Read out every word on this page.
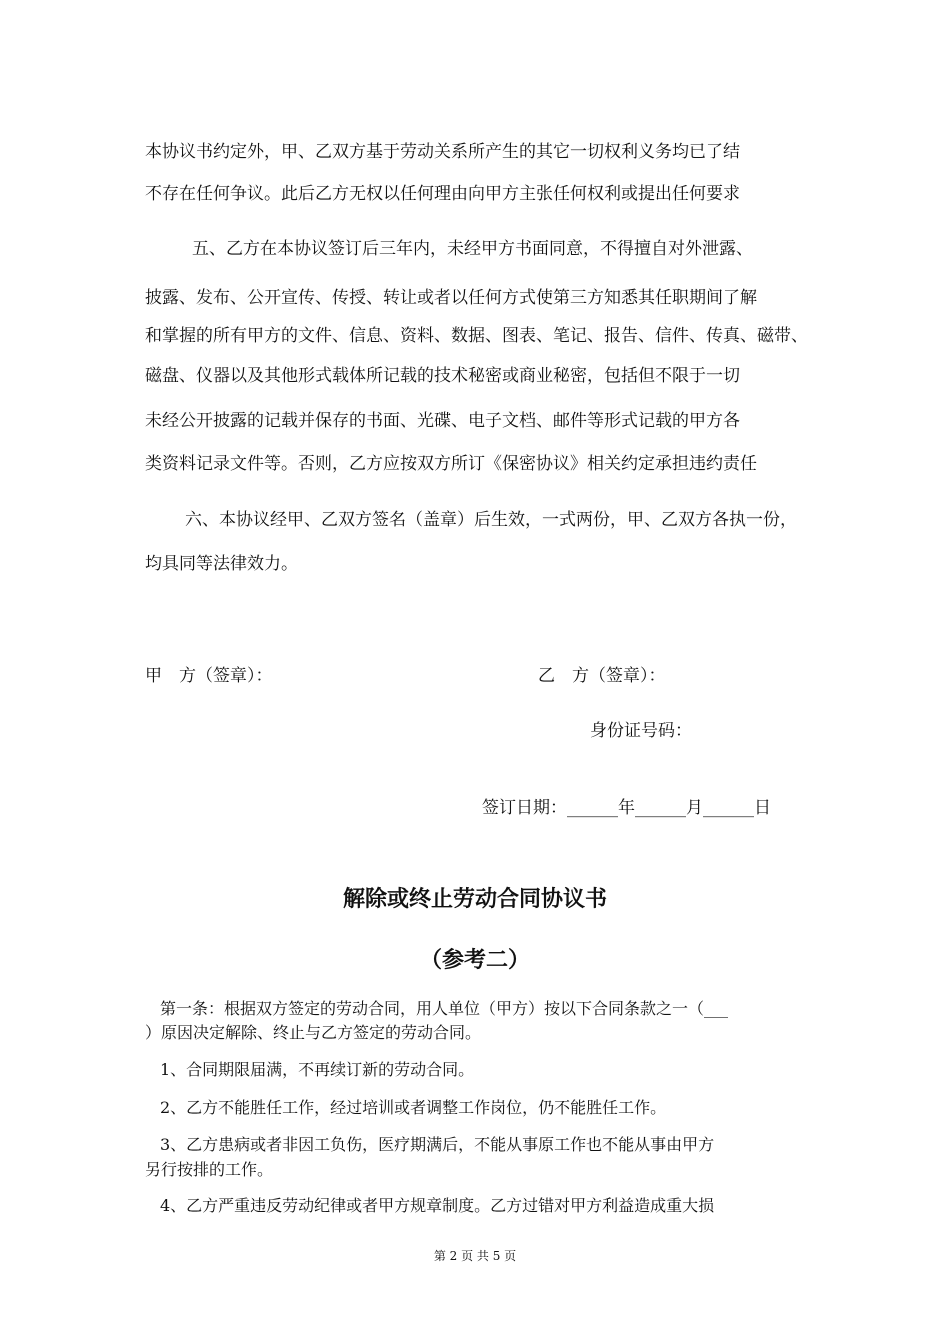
本协议书约定外，甲、乙双方基于劳动关系所产生的其它一切权利义务均已了结
不存在任何争议。此后乙方无权以任何理由向甲方主张任何权利或提出任何要求
五、乙方在本协议签订后三年内，未经甲方书面同意，不得擅自对外泄露、
披露、发布、公开宣传、传授、转让或者以任何方式使第三方知悉其任职期间了解
和掌握的所有甲方的文件、信息、资料、数据、图表、笔记、报告、信件、传真、磁带、
磁盘、仪器以及其他形式载体所记载的技术秘密或商业秘密，包括但不限于一切
未经公开披露的记载并保存的书面、光碟、电子文档、邮件等形式记载的甲方各
类资料记录文件等。否则，乙方应按双方所订《保密协议》相关约定承担违约责任
六、本协议经甲、乙双方签名（盖章）后生效，一式两份，甲、乙双方各执一份，
均具同等法律效力。
甲　方（签章）：	乙　方（签章）：
身份证号码：
签订日期：______年______月______日
解除或终止劳动合同协议书
（参考二）
第一条：根据双方签定的劳动合同，用人单位（甲方）按以下合同条款之一（___
）原因决定解除、终止与乙方签定的劳动合同。
1、合同期限届满，不再续订新的劳动合同。
2、乙方不能胜任工作，经过培训或者调整工作岗位，仍不能胜任工作。
3、乙方患病或者非因工负伤，医疗期满后，不能从事原工作也不能从事由甲方
另行按排的工作。
4、乙方严重违反劳动纪律或者甲方规章制度。乙方过错对甲方利益造成重大损
第 2 页 共 5 页
